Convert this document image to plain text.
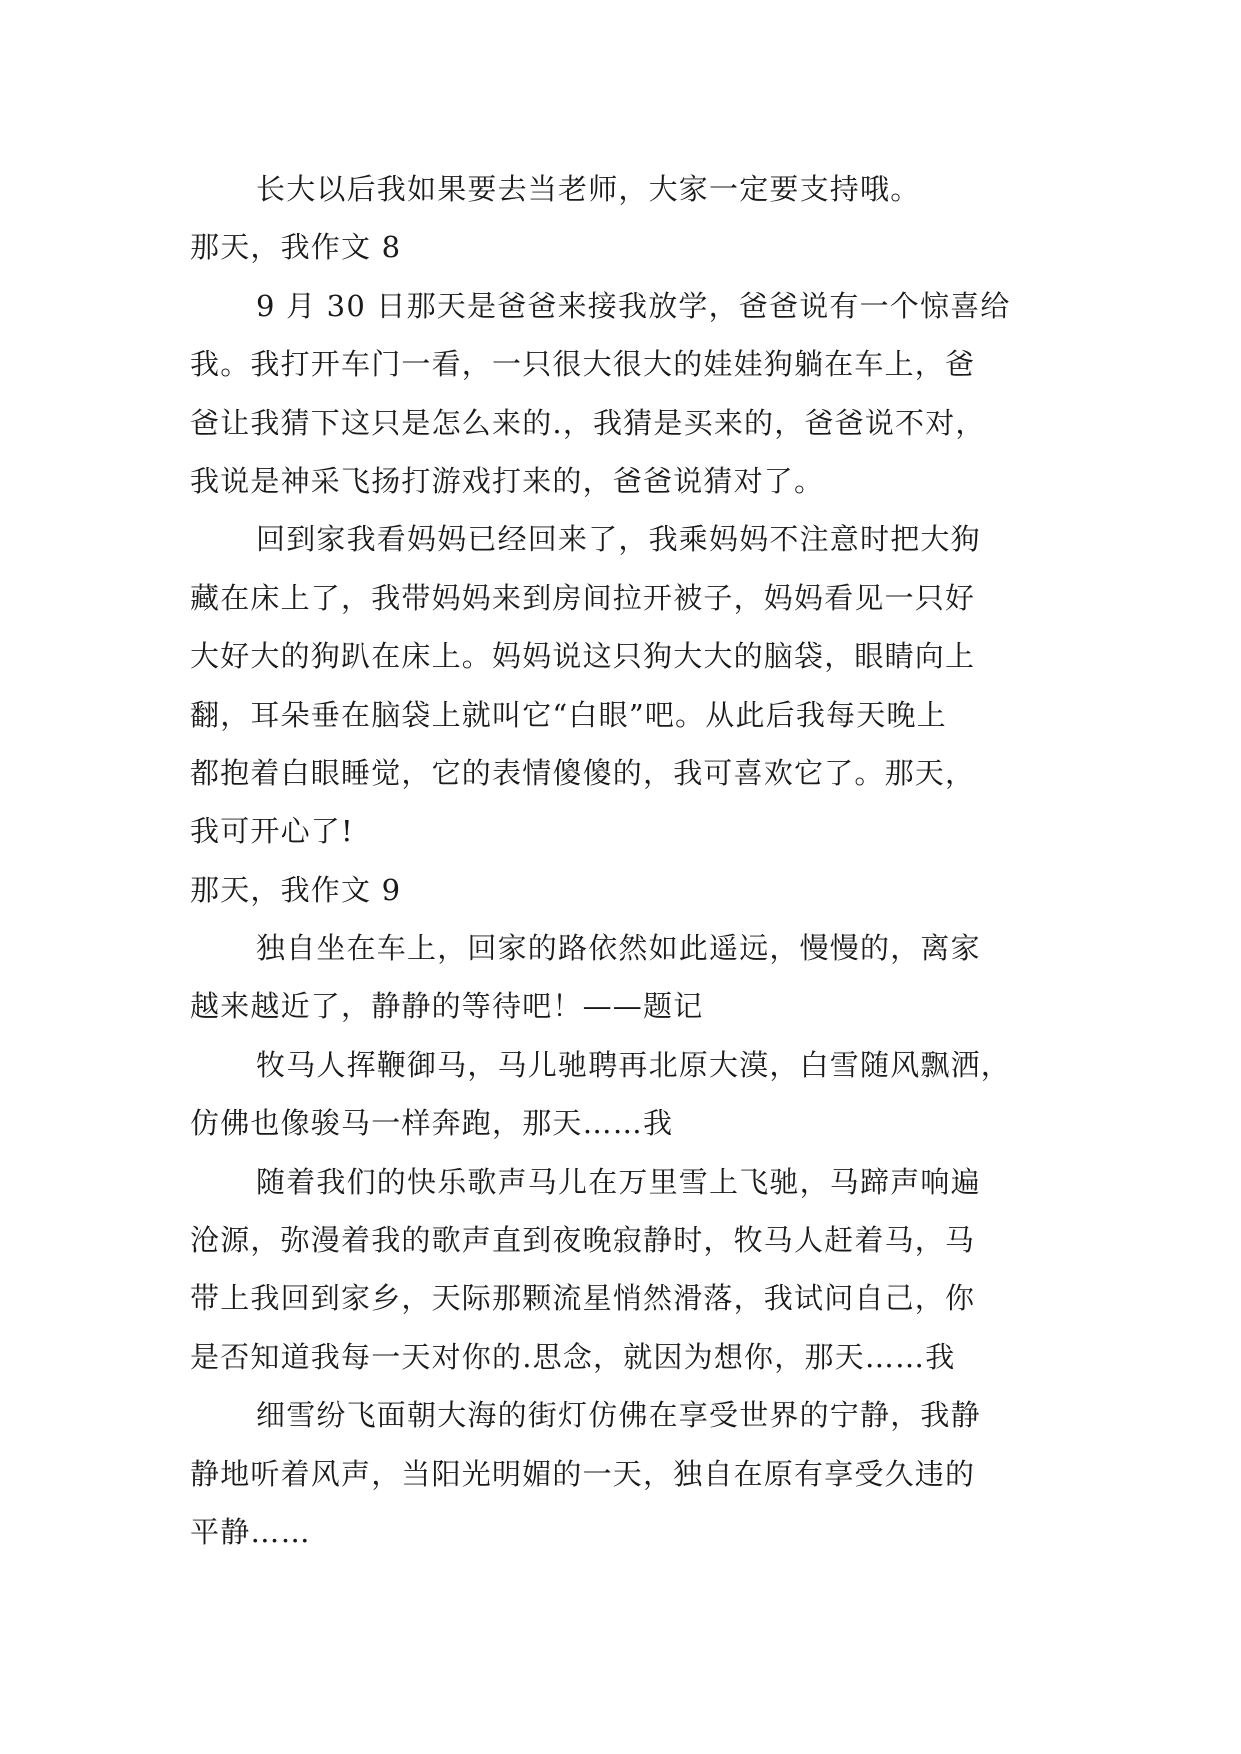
长大以后我如果要去当老师，大家一定要支持哦。
那天，我作文 8
9 月 30 日那天是爸爸来接我放学，爸爸说有一个惊喜给
我。我打开车门一看，一只很大很大的娃娃狗躺在车上，爸
爸让我猜下这只是怎么来的.，我猜是买来的，爸爸说不对，
我说是神采飞扬打游戏打来的，爸爸说猜对了。
回到家我看妈妈已经回来了，我乘妈妈不注意时把大狗
藏在床上了，我带妈妈来到房间拉开被子，妈妈看见一只好
大好大的狗趴在床上。妈妈说这只狗大大的脑袋，眼睛向上
翻，耳朵垂在脑袋上就叫它“白眼”吧。从此后我每天晚上
都抱着白眼睡觉，它的表情傻傻的，我可喜欢它了。那天，
我可开心了!
那天，我作文 9
独自坐在车上，回家的路依然如此遥远，慢慢的，离家
越来越近了，静静的等待吧！——题记
牧马人挥鞭御马，马儿驰聘再北原大漠，白雪随风飘洒，
仿佛也像骏马一样奔跑，那天……我
随着我们的快乐歌声马儿在万里雪上飞驰，马蹄声响遍
沧源，弥漫着我的歌声直到夜晚寂静时，牧马人赶着马，马
带上我回到家乡，天际那颗流星悄然滑落，我试问自己，你
是否知道我每一天对你的.思念，就因为想你，那天……我
细雪纷飞面朝大海的街灯仿佛在享受世界的宁静，我静
静地听着风声，当阳光明媚的一天，独自在原有享受久违的
平静……
